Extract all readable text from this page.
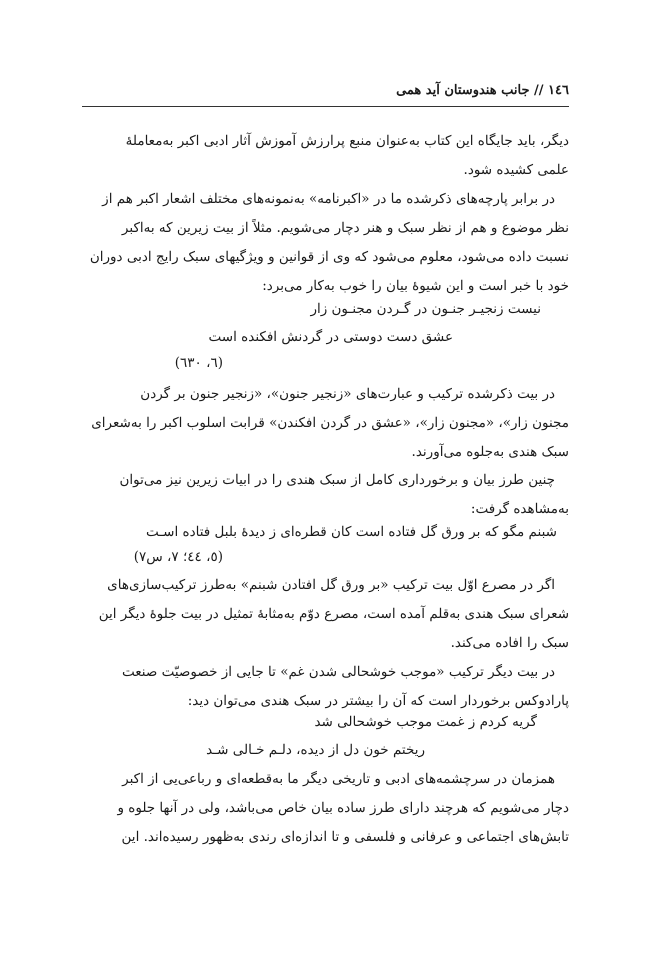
١٤٦ // جانب هندوستان آيد همی

دیگر، باید جایگاه این کتاب به‌عنوان منبع پرارزش آموزش آثار ادبی اکبر به‌معاملهٔ
علمی کشیده شود.

در برابر پارچه‌های ذکرشده ما در «اکبرنامه» به‌نمونه‌های مختلف اشعار اکبر هم از
نظر موضوع و هم از نظر سبک و هنر دچار می‌شویم. مثلاً از بیت زیرین که به‌اکبر
نسبت داده می‌شود، معلوم می‌شود که وی از قوانین و ویژگیهای سبک رایج ادبی دوران
خود با خبر است و این شیوهٔ بیان را خوب به‌کار می‌برد:

نیست زنجیـر جنـون در گـردن مجنـون زار
عشق دست دوستی در گردنش افکنده است
(٦، ٦٣٠)

در بیت ذکرشده ترکیب و عبارت‌های «زنجیر جنون»، «زنجیر جنون بر گردن
مجنون زار»، «مجنون زار»، «عشق در گردن افکندن» قرابت اسلوب اکبر را به‌شعرای
سبک هندی به‌جلوه می‌آورند.

چنین طرز بیان و برخورداری کامل از سبک هندی را در ابیات زیرین نیز می‌توان
به‌مشاهده گرفت:

شبنم مگو که بر ورق گل فتاده است کان قطره‌ای ز دیدهٔ بلبل فتاده اسـت
(٥، ٤٤؛ ٧، س٧)

اگر در مصرع اوّل بیت ترکیب «بر ورق گل افتادن شبنم» به‌طرز ترکیب‌سازی‌های
شعرای سبک هندی به‌قلم آمده است، مصرع دوّم به‌مثابهٔ تمثیل در بیت جلوهٔ دیگر این
سبک را افاده می‌کند.

در بیت دیگر ترکیب «موجب خوشحالی شدن غم» تا جایی از خصوصیّت صنعت
پارادوکس برخوردار است که آن را بیشتر در سبک هندی می‌توان دید:

گریه کردم ز غمت موجب خوشحالی شد
ریختم خون دل از دیده، دلـم خـالی شـد

همزمان در سرچشمه‌های ادبی و تاریخی دیگر ما به‌قطعه‌ای و رباعی‌یی از اکبر
دچار می‌شویم که هرچند دارای طرز ساده بیان خاص می‌باشد، ولی در آنها جلوه و
تابش‌های اجتماعی و عرفانی و فلسفی و تا اندازه‌ای رندی به‌ظهور رسیده‌اند. این
